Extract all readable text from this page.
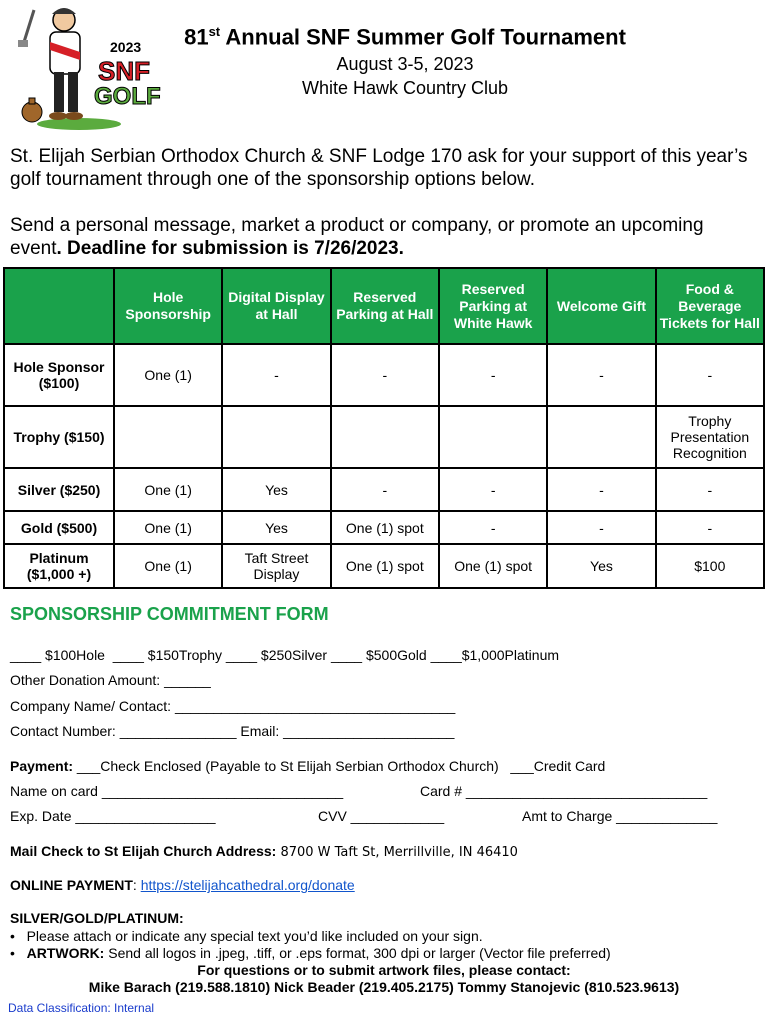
2023
SNF
GOLF
81st Annual SNF Summer Golf Tournament
August 3-5, 2023
White Hawk Country Club
St. Elijah Serbian Orthodox Church & SNF Lodge 170 ask for your support of this year’s golf tournament through one of the sponsorship options below.
Send a personal message, market a product or company, or promote an upcoming event. Deadline for submission is 7/26/2023.
	Hole Sponsorship	Digital Display at Hall	Reserved Parking at Hall	Reserved Parking at White Hawk	Welcome Gift	Food & Beverage Tickets for Hall
Hole Sponsor ($100)	One (1)	-	-	-	-	-
Trophy ($150)						Trophy Presentation Recognition
Silver ($250)	One (1)	Yes	-	-	-	-
Gold ($500)	One (1)	Yes	One (1) spot	-	-	-
Platinum ($1,000 +)	One (1)	Taft Street Display	One (1) spot	One (1) spot	Yes	$100
SPONSORSHIP COMMITMENT FORM
____ $100Hole  ____ $150Trophy ____ $250Silver ____ $500Gold ____$1,000Platinum
Other Donation Amount: ______
Company Name/ Contact: ____________________________________
Contact Number: _______________ Email: ______________________
Payment: ___Check Enclosed (Payable to St Elijah Serbian Orthodox Church)   ___Credit Card
Name on card _______________________________	Card # _______________________________
Exp. Date __________________	CVV ____________	Amt to Charge _____________
Mail Check to St Elijah Church Address: 8700 W Taft St, Merrillville, IN 46410
ONLINE PAYMENT: https://stelijahcathedral.org/donate
SILVER/GOLD/PLATINUM:
•   Please attach or indicate any special text you’d like included on your sign.
•   ARTWORK: Send all logos in .jpeg, .tiff, or .eps format, 300 dpi or larger (Vector file preferred)
For questions or to submit artwork files, please contact:
Mike Barach (219.588.1810) Nick Beader (219.405.2175) Tommy Stanojevic (810.523.9613)
Data Classification: Internal
